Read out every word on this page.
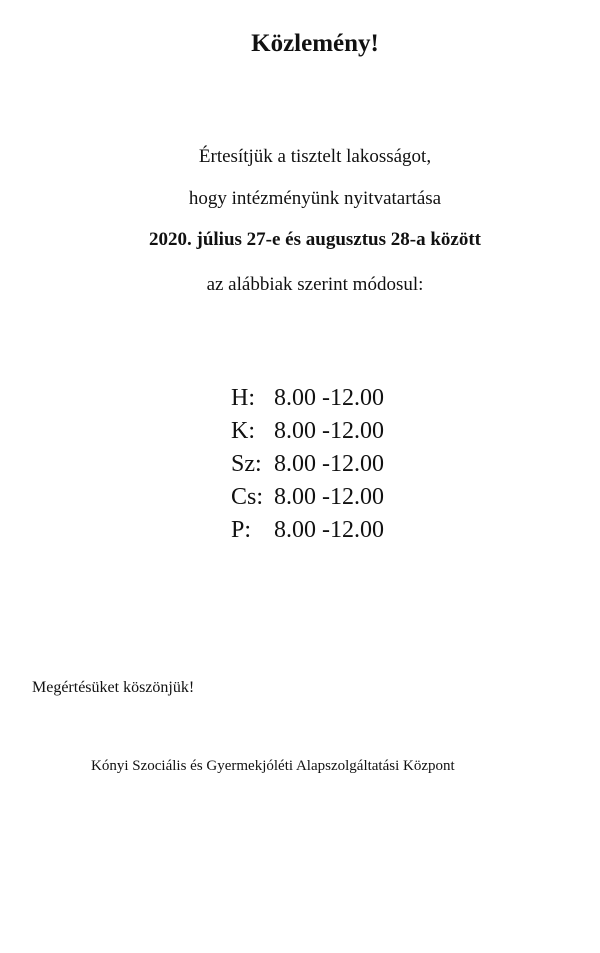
Közlemény!
Értesítjük a tisztelt lakosságot,
hogy intézményünk nyitvatartása
2020. július 27-e és augusztus 28-a között
az alábbiak szerint módosul:
H: 8.00 -12.00
K: 8.00 -12.00
Sz: 8.00 -12.00
Cs: 8.00 -12.00
P: 8.00 -12.00
Megértésüket köszönjük!
Kónyi Szociális és Gyermekjóléti Alapszolgáltatási Központ
